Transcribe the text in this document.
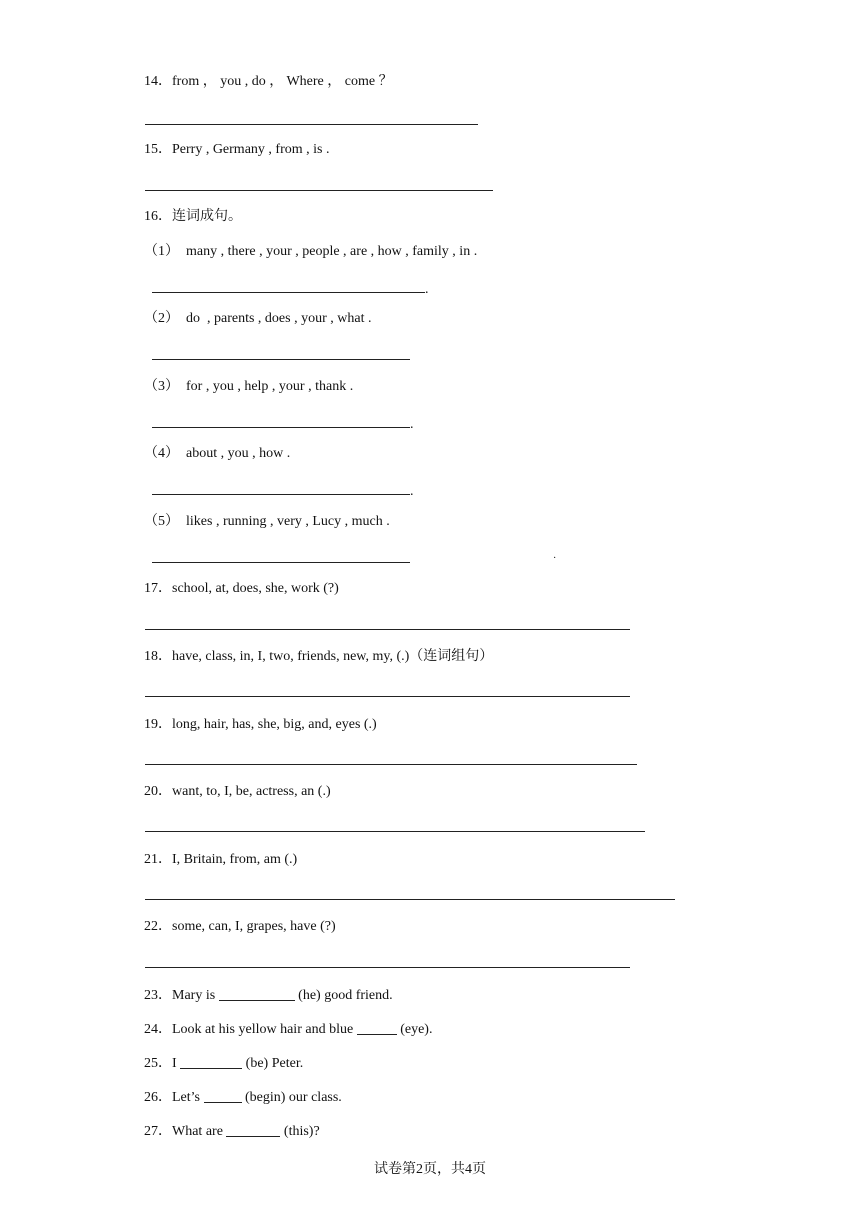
14．from ， you , do ， Where ， come ？
15．Perry , Germany , from , is .
16．连词成句。
（1）  many , there , your , people , are , how , family , in .
.
（2）  do  , parents , does , your , what .
（3）  for , you , help , your , thank .
.
（4）  about , you , how .
.
（5）  likes , running , very , Lucy , much .
·
17．school, at, does, she, work (?)
18．have, class, in, I, two, friends, new, my, (.)（连词组句）
19．long, hair, has, she, big, and, eyes (.)
20．want, to, I, be, actress, an (.)
21．I, Britain, from, am (.)
22．some, can, I, grapes, have (?)
23．Mary is	(he) good friend.
24．Look at his yellow hair and blue	(eye).
25．I	(be) Peter.
26．Let’s	(begin) our class.
27．What are	(this)?
试卷第2页，共4页
